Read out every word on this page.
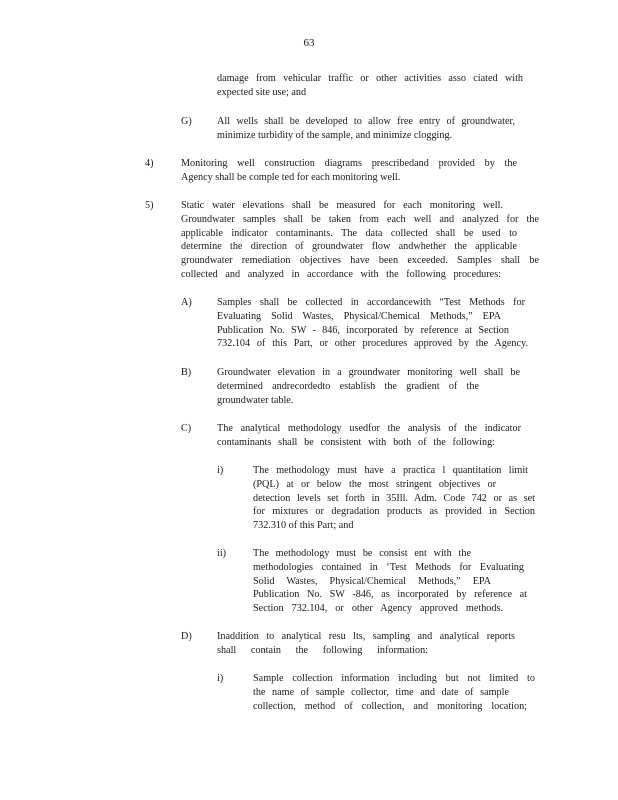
63
damage from vehicular traffic or other activities asso ciated with
expected site use; and
G) All wells shall be developed to allow free entry of groundwater,
minimize turbidity of the sample, and minimize clogging.
4)	Monitoring well construction diagrams prescribedand provided by the
Agency shall be comple ted for each monitoring well.
5)	Static water elevations shall be measured for each monitoring well.
Groundwater samples shall be taken from each well and analyzed for the
applicable indicator contaminants. The data collected shall be used to
determine the direction of groundwater flow andwhether the applicable
groundwater remediation objectives have been exceeded. Samples shall be
collected and analyzed in accordance with the following procedures:
A) Samples shall be collected in accordancewith “Test Methods for
Evaluating Solid Wastes, Physical/Chemical Methods,” EPA
Publication No. SW - 846, incorporated by reference at Section
732.104 of this Part, or other procedures approved by the Agency.
B)	Groundwater elevation in a groundwater monitoring well shall be
determined andrecordedto establish the gradient of the
groundwater table.
C)	The analytical methodology usedfor the analysis of the indicator
contaminants shall be consistent with both of the following:
i)	The methodology must have a practica l quantitation limit
(PQL) at or below the most stringent objectives or
detection levels set forth in 35Ill. Adm. Code 742 or as set
for mixtures or degradation products as provided in Section
732.310 of this Part; and
ii)	The methodology must be consist ent with the
methodologies contained in ‘Test Methods for Evaluating
Solid Wastes, Physical/Chemical Methods,” EPA
Publication No. SW -846, as incorporated by reference at
Section 732.104, or other Agency approved methods.
D) Inaddition to analytical resu lts, sampling and analytical reports
shall contain the following information:
i)	Sample collection information including but not limited to
the name of sample collector, time and date of sample
collection, method of collection, and monitoring location;
